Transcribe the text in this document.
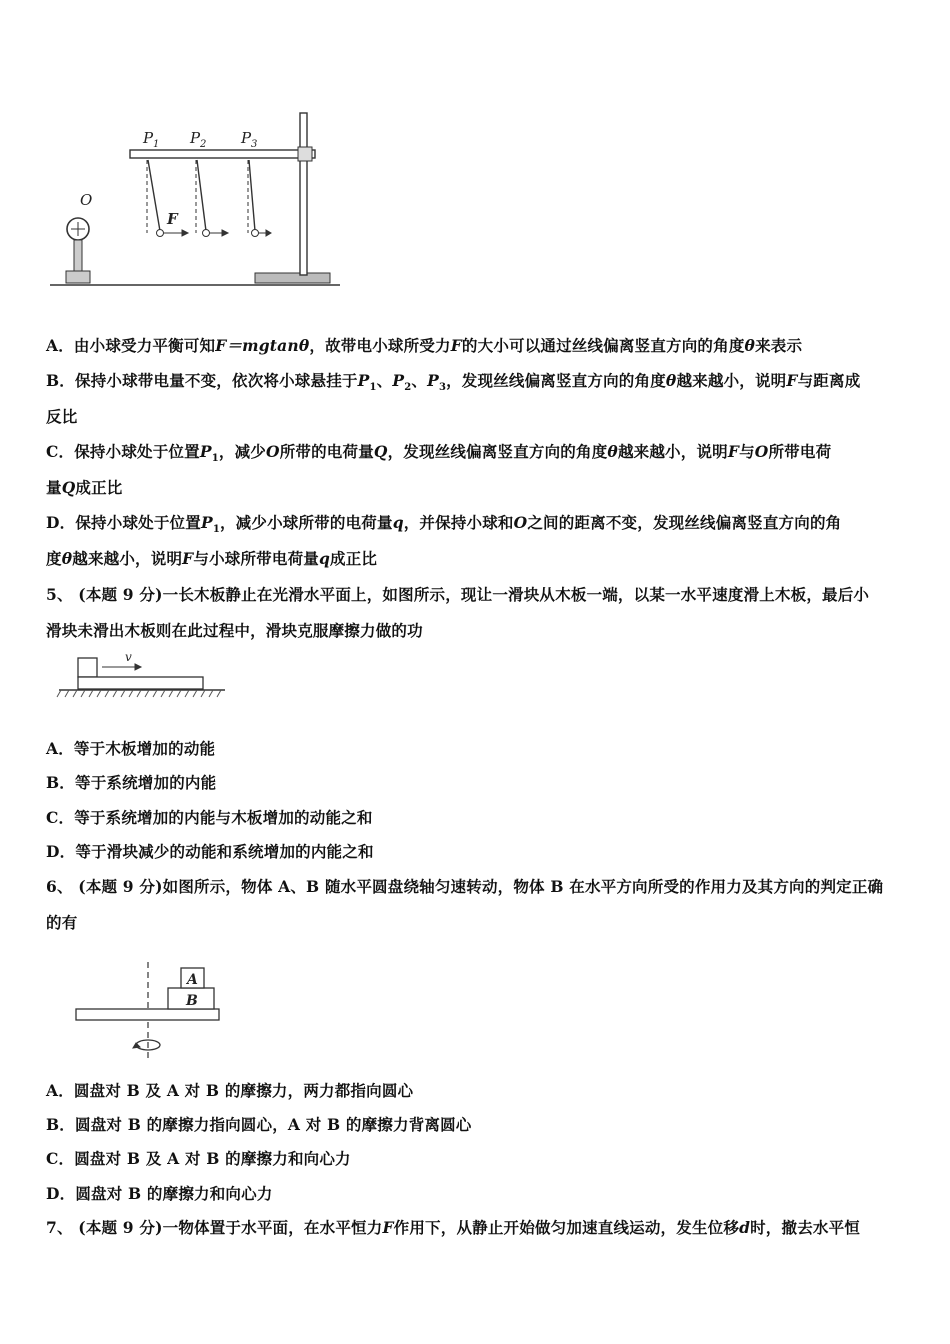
O
P 1 P 2 P 3
F
A．由小球受力平衡可知F＝mgtanθ，故带电小球所受力F的大小可以通过丝线偏离竖直方向的角度θ来表示
B．保持小球带电量不变，依次将小球悬挂于$P_1$、$P_2$、$P_3$，发现丝线偏离竖直方向的角度θ越来越小，说明F与距离成
反比
C．保持小球处于位置$P_1$，减少O所带的电荷量Q，发现丝线偏离竖直方向的角度θ越来越小，说明F与O所带电荷
量Q成正比
D．保持小球处于位置$P_1$，减少小球所带的电荷量q，并保持小球和O之间的距离不变，发现丝线偏离竖直方向的角
度θ越来越小，说明F与小球所带电荷量q成正比
5、 (本题 9 分)一长木板静止在光滑水平面上，如图所示，现让一滑块从木板一端，以某一水平速度滑上木板，最后小
滑块未滑出木板则在此过程中，滑块克服摩擦力做的功
v
A．等于木板增加的动能
B．等于系统增加的内能
C．等于系统增加的内能与木板增加的动能之和
D．等于滑块减少的动能和系统增加的内能之和
6、 (本题 9 分)如图所示，物体 A、B 随水平圆盘绕轴匀速转动，物体 B 在水平方向所受的作用力及其方向的判定正确
的有
A
B
A．圆盘对 B 及 A 对 B 的摩擦力，两力都指向圆心
B．圆盘对 B 的摩擦力指向圆心，A 对 B 的摩擦力背离圆心
C．圆盘对 B 及 A 对 B 的摩擦力和向心力
D．圆盘对 B 的摩擦力和向心力
7、 (本题 9 分)一物体置于水平面，在水平恒力F作用下，从静止开始做匀加速直线运动，发生位移d时，撤去水平恒
